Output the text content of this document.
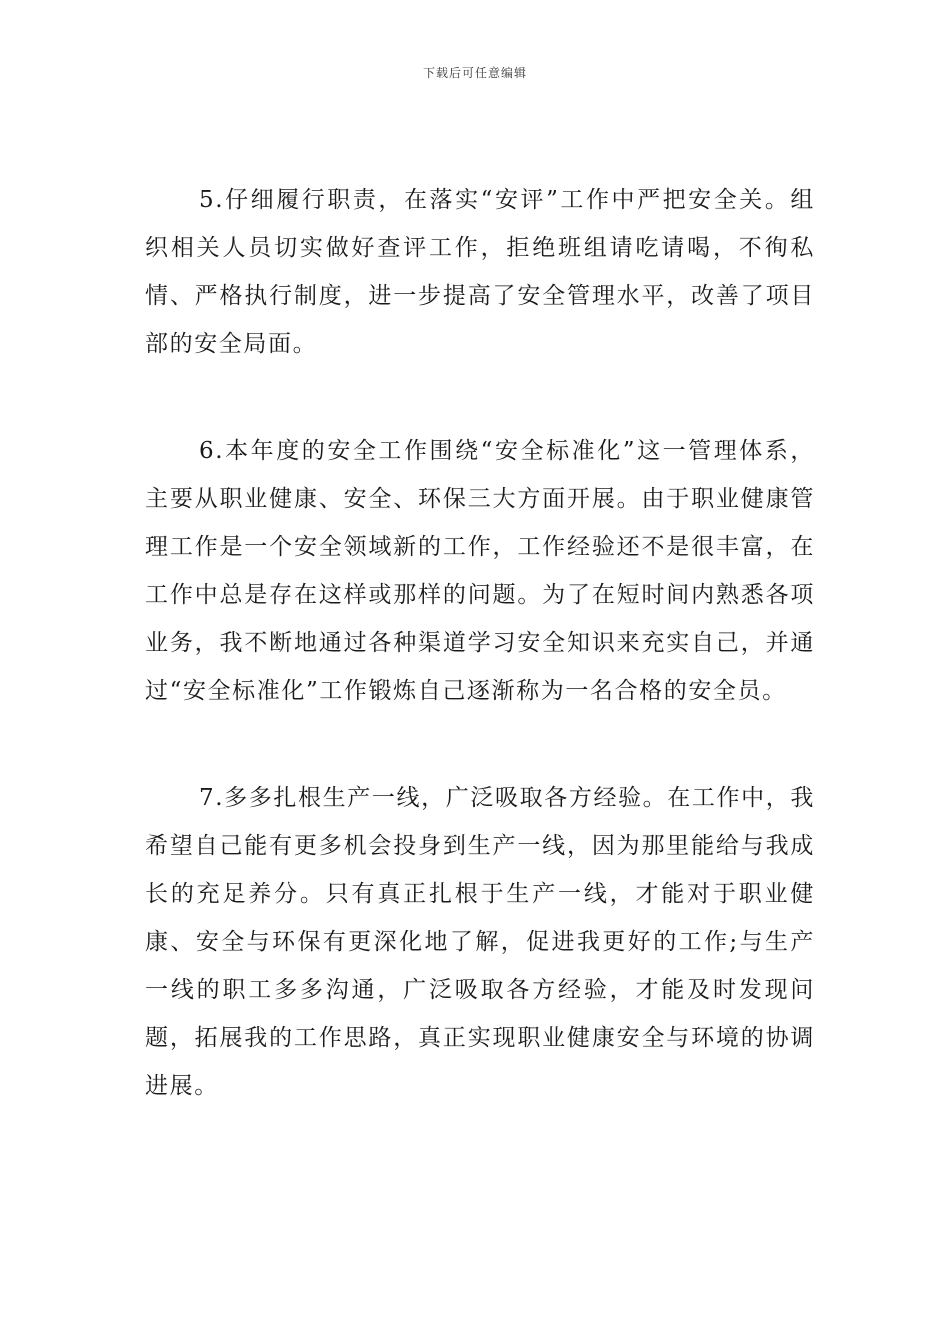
下载后可任意编辑

5.仔细履行职责，在落实“安评”工作中严把安全关。组织相关人员切实做好查评工作，拒绝班组请吃请喝，不徇私情、严格执行制度，进一步提高了安全管理水平，改善了项目部的安全局面。

6.本年度的安全工作围绕“安全标准化”这一管理体系，主要从职业健康、安全、环保三大方面开展。由于职业健康管理工作是一个安全领域新的工作，工作经验还不是很丰富，在工作中总是存在这样或那样的问题。为了在短时间内熟悉各项业务，我不断地通过各种渠道学习安全知识来充实自己，并通过“安全标准化”工作锻炼自己逐渐称为一名合格的安全员。

7.多多扎根生产一线，广泛吸取各方经验。在工作中，我希望自己能有更多机会投身到生产一线，因为那里能给与我成长的充足养分。只有真正扎根于生产一线，才能对于职业健康、安全与环保有更深化地了解，促进我更好的工作;与生产一线的职工多多沟通，广泛吸取各方经验，才能及时发现问题，拓展我的工作思路，真正实现职业健康安全与环境的协调进展。
